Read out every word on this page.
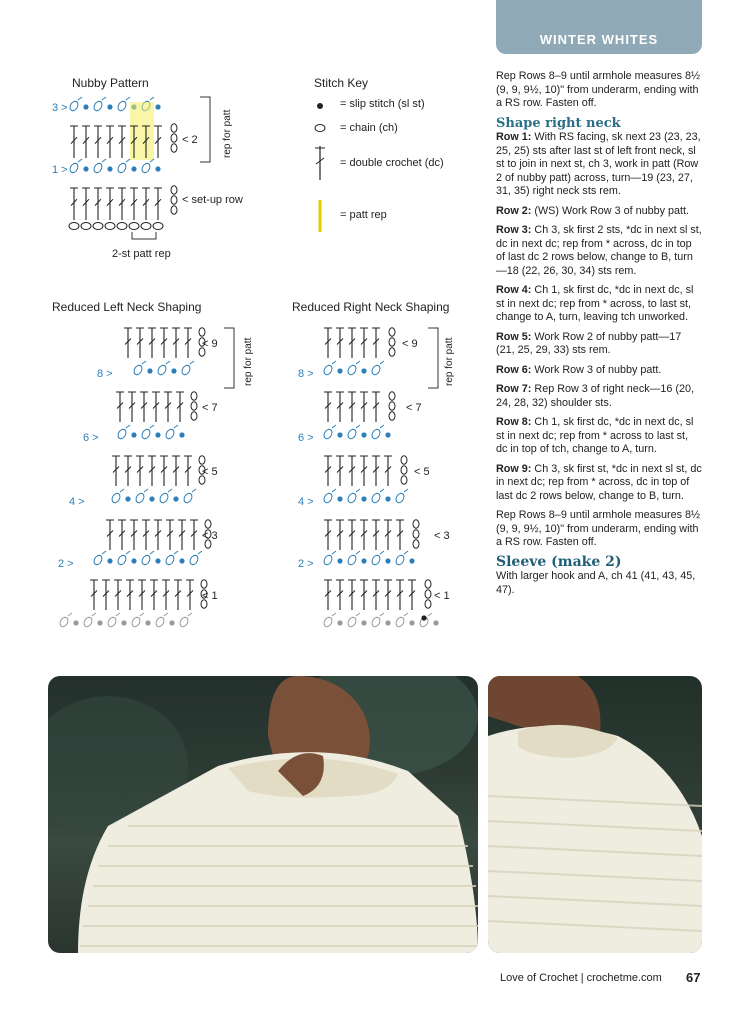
WINTER WHITES
Nubby Pattern
3 >
1 >
< 2
< set-up row
rep for patt
2-st patt rep
Stitch Key
= slip stitch (sl st)
= chain (ch)
= double crochet (dc)
= patt rep
Reduced Left Neck Shaping
< 9
< 7
< 5
< 3
< 1
8 >
6 >
4 >
2 >
rep for patt
Reduced Right Neck Shaping
< 9
< 7
< 5
< 3
< 1
8 >
6 >
4 >
2 >
rep for patt

Rep Rows 8–9 until armhole measures 8½ (9, 9, 9½, 10)" from underarm, ending with a RS row. Fasten off.

Shape right neck

Row 1: With RS facing, sk next 23 (23, 23, 25, 25) sts after last st of left front neck, sl st to join in next st, ch 3, work in patt (Row 2 of nubby patt) across, turn—19 (23, 27, 31, 35) right neck sts rem.

Row 2: (WS) Work Row 3 of nubby patt.

Row 3: Ch 3, sk first 2 sts, *dc in next sl st, dc in next dc; rep from * across, dc in top of last dc 2 rows below, change to B, turn—18 (22, 26, 30, 34) sts rem.

Row 4: Ch 1, sk first dc, *dc in next dc, sl st in next dc; rep from * across, to last st, change to A, turn, leaving tch unworked.

Row 5: Work Row 2 of nubby patt—17 (21, 25, 29, 33) sts rem.

Row 6: Work Row 3 of nubby patt.

Row 7: Rep Row 3 of right neck—16 (20, 24, 28, 32) shoulder sts.

Row 8: Ch 1, sk first dc, *dc in next dc, sl st in next dc; rep from * across to last st, dc in top of tch, change to A, turn.

Row 9: Ch 3, sk first st, *dc in next sl st, dc in next dc; rep from * across, dc in top of last dc 2 rows below, change to B, turn.

Rep Rows 8–9 until armhole measures 8½ (9, 9, 9½, 10)" from underarm, ending with a RS row. Fasten off.

Sleeve (make 2)

With larger hook and A, ch 41 (41, 43, 45, 47).

Love of Crochet | crochetme.com 67
